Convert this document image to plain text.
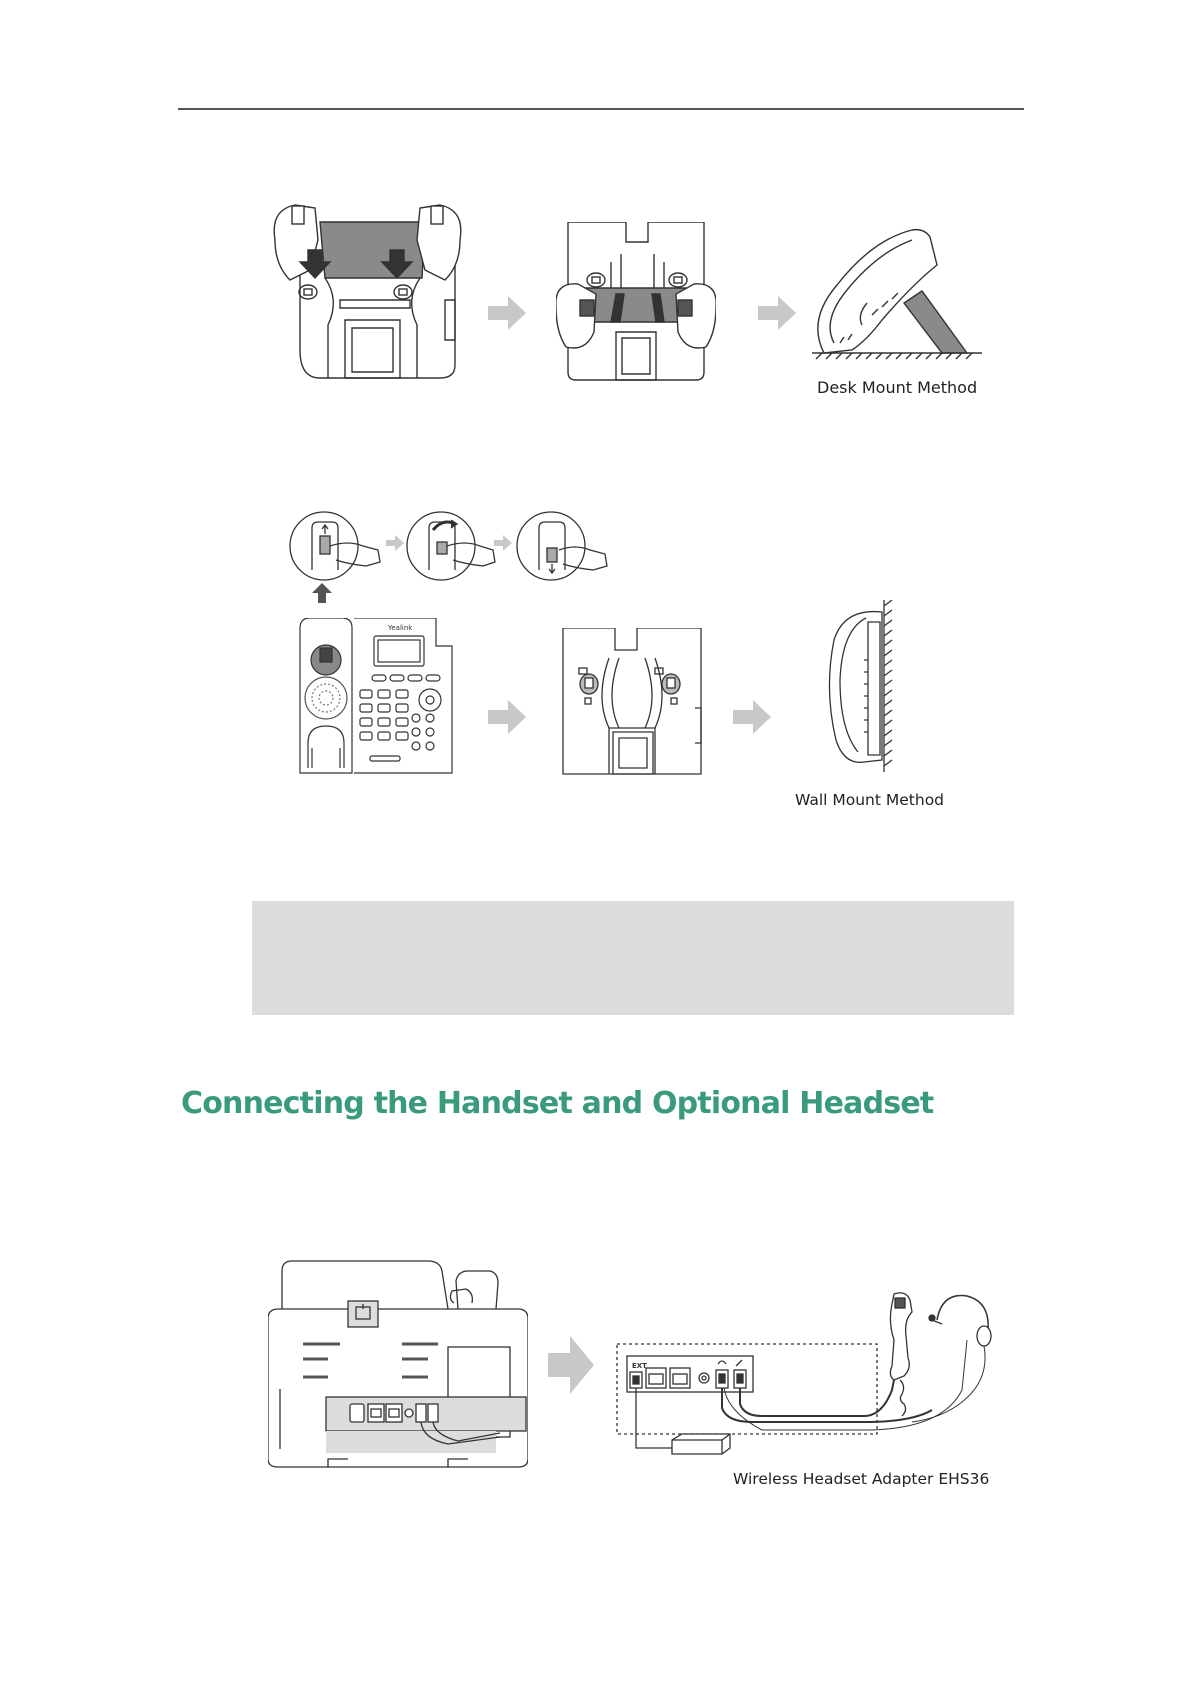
Desk Mount Method
Yealink
Wall Mount Method
Connecting the Handset and Optional Headset
EXT
Wireless Headset Adapter EHS36
